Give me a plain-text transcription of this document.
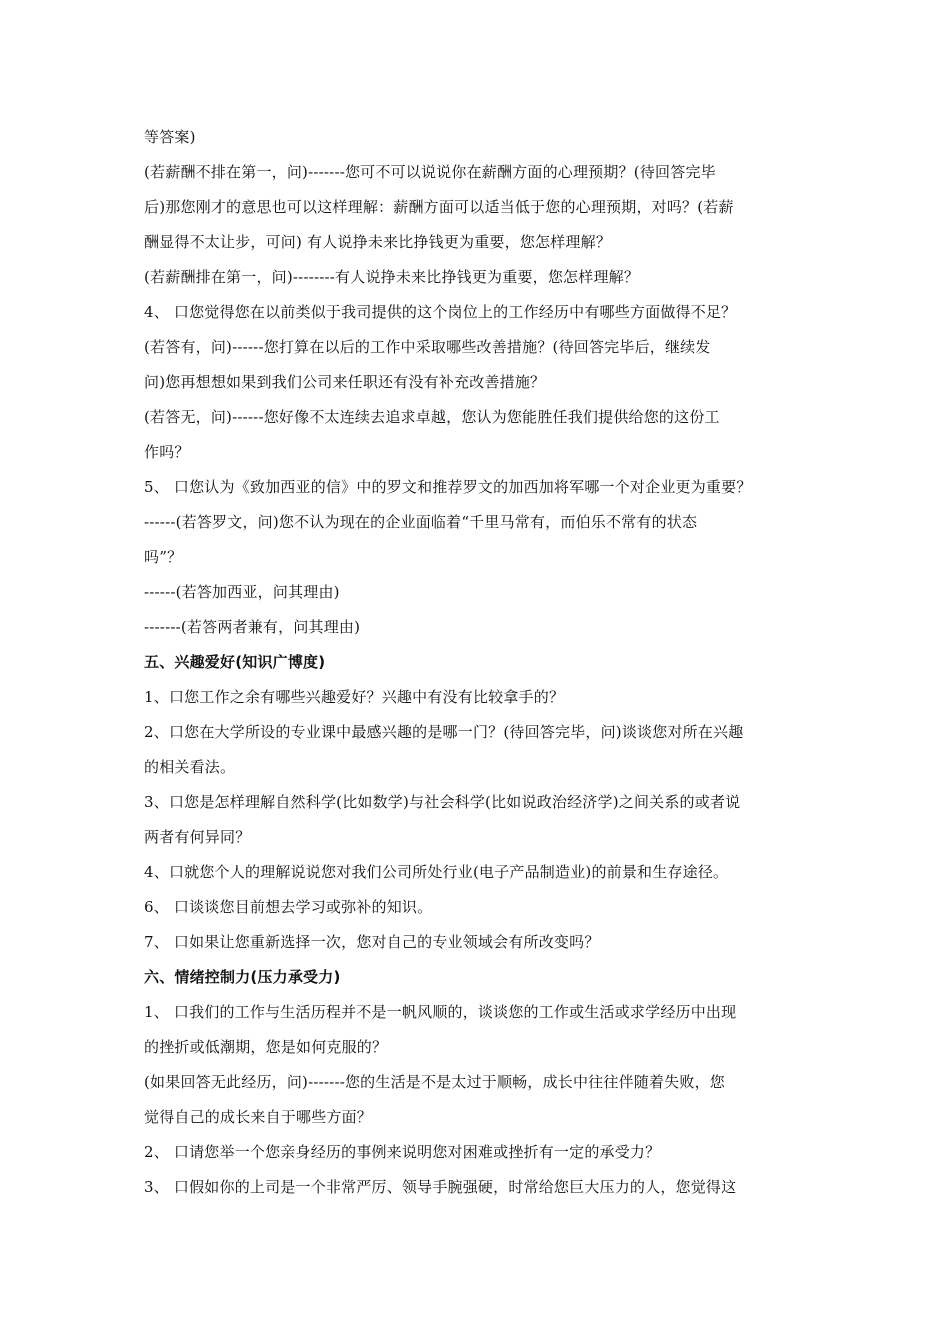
等答案)
(若薪酬不排在第一，问)-------您可不可以说说你在薪酬方面的心理预期？(待回答完毕
后)那您刚才的意思也可以这样理解：薪酬方面可以适当低于您的心理预期，对吗？(若薪
酬显得不太让步，可问) 有人说挣未来比挣钱更为重要，您怎样理解？
(若薪酬排在第一，问)--------有人说挣未来比挣钱更为重要，您怎样理解？
4、 口您觉得您在以前类似于我司提供的这个岗位上的工作经历中有哪些方面做得不足？
(若答有，问)------您打算在以后的工作中采取哪些改善措施？(待回答完毕后，继续发
问)您再想想如果到我们公司来任职还有没有补充改善措施？
(若答无，问)------您好像不太连续去追求卓越，您认为您能胜任我们提供给您的这份工
作吗？
5、 口您认为《致加西亚的信》中的罗文和推荐罗文的加西加将军哪一个对企业更为重要？
------(若答罗文，问)您不认为现在的企业面临着“千里马常有，而伯乐不常有的状态
吗”？
------(若答加西亚，问其理由)
-------(若答两者兼有，问其理由)
五、兴趣爱好(知识广博度)
1、口您工作之余有哪些兴趣爱好？兴趣中有没有比较拿手的？
2、口您在大学所设的专业课中最感兴趣的是哪一门？(待回答完毕，问)谈谈您对所在兴趣
的相关看法。
3、口您是怎样理解自然科学(比如数学)与社会科学(比如说政治经济学)之间关系的或者说
两者有何异同？
4、口就您个人的理解说说您对我们公司所处行业(电子产品制造业)的前景和生存途径。
6、 口谈谈您目前想去学习或弥补的知识。
7、 口如果让您重新选择一次，您对自己的专业领域会有所改变吗？
六、情绪控制力(压力承受力)
1、 口我们的工作与生活历程并不是一帆风顺的，谈谈您的工作或生活或求学经历中出现
的挫折或低潮期，您是如何克服的？
(如果回答无此经历，问)-------您的生活是不是太过于顺畅，成长中往往伴随着失败，您
觉得自己的成长来自于哪些方面？
2、 口请您举一个您亲身经历的事例来说明您对困难或挫折有一定的承受力？
3、 口假如你的上司是一个非常严厉、领导手腕强硬，时常给您巨大压力的人，您觉得这
